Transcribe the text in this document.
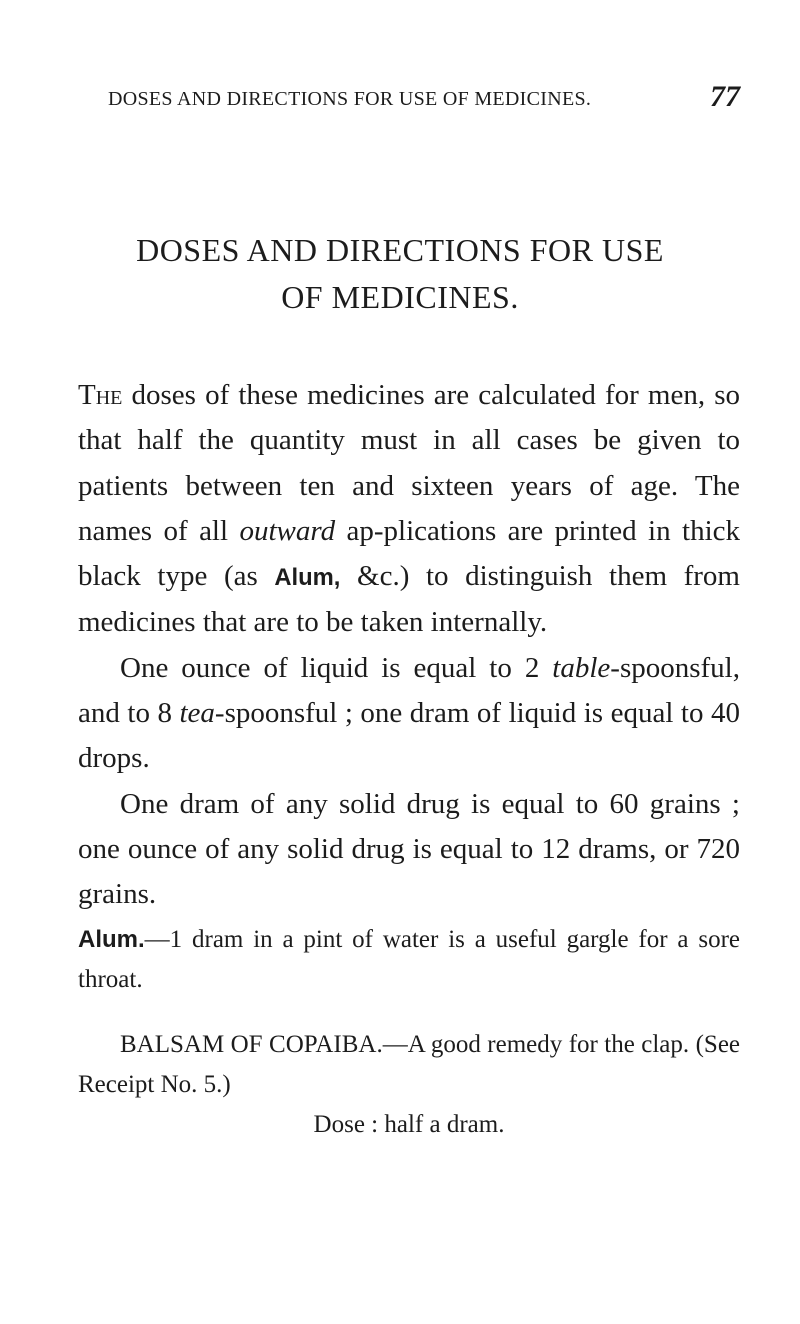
DOSES AND DIRECTIONS FOR USE OF MEDICINES.	77
DOSES AND DIRECTIONS FOR USE
OF MEDICINES.

The doses of these medicines are calculated for men, so that half the quantity must in all cases be given to patients between ten and sixteen years of age. The names of all outward ap-plications are printed in thick black type (as Alum, &c.) to distinguish them from medicines that are to be taken internally.

One ounce of liquid is equal to 2 table-spoonsful, and to 8 tea-spoonsful ; one dram of liquid is equal to 40 drops.

One dram of any solid drug is equal to 60 grains ; one ounce of any solid drug is equal to 12 drams, or 720 grains.

Alum.—1 dram in a pint of water is a useful gargle for a sore throat.

BALSAM OF COPAIBA.—A good remedy for the clap. (See Receipt No. 5.)

Dose : half a dram.
